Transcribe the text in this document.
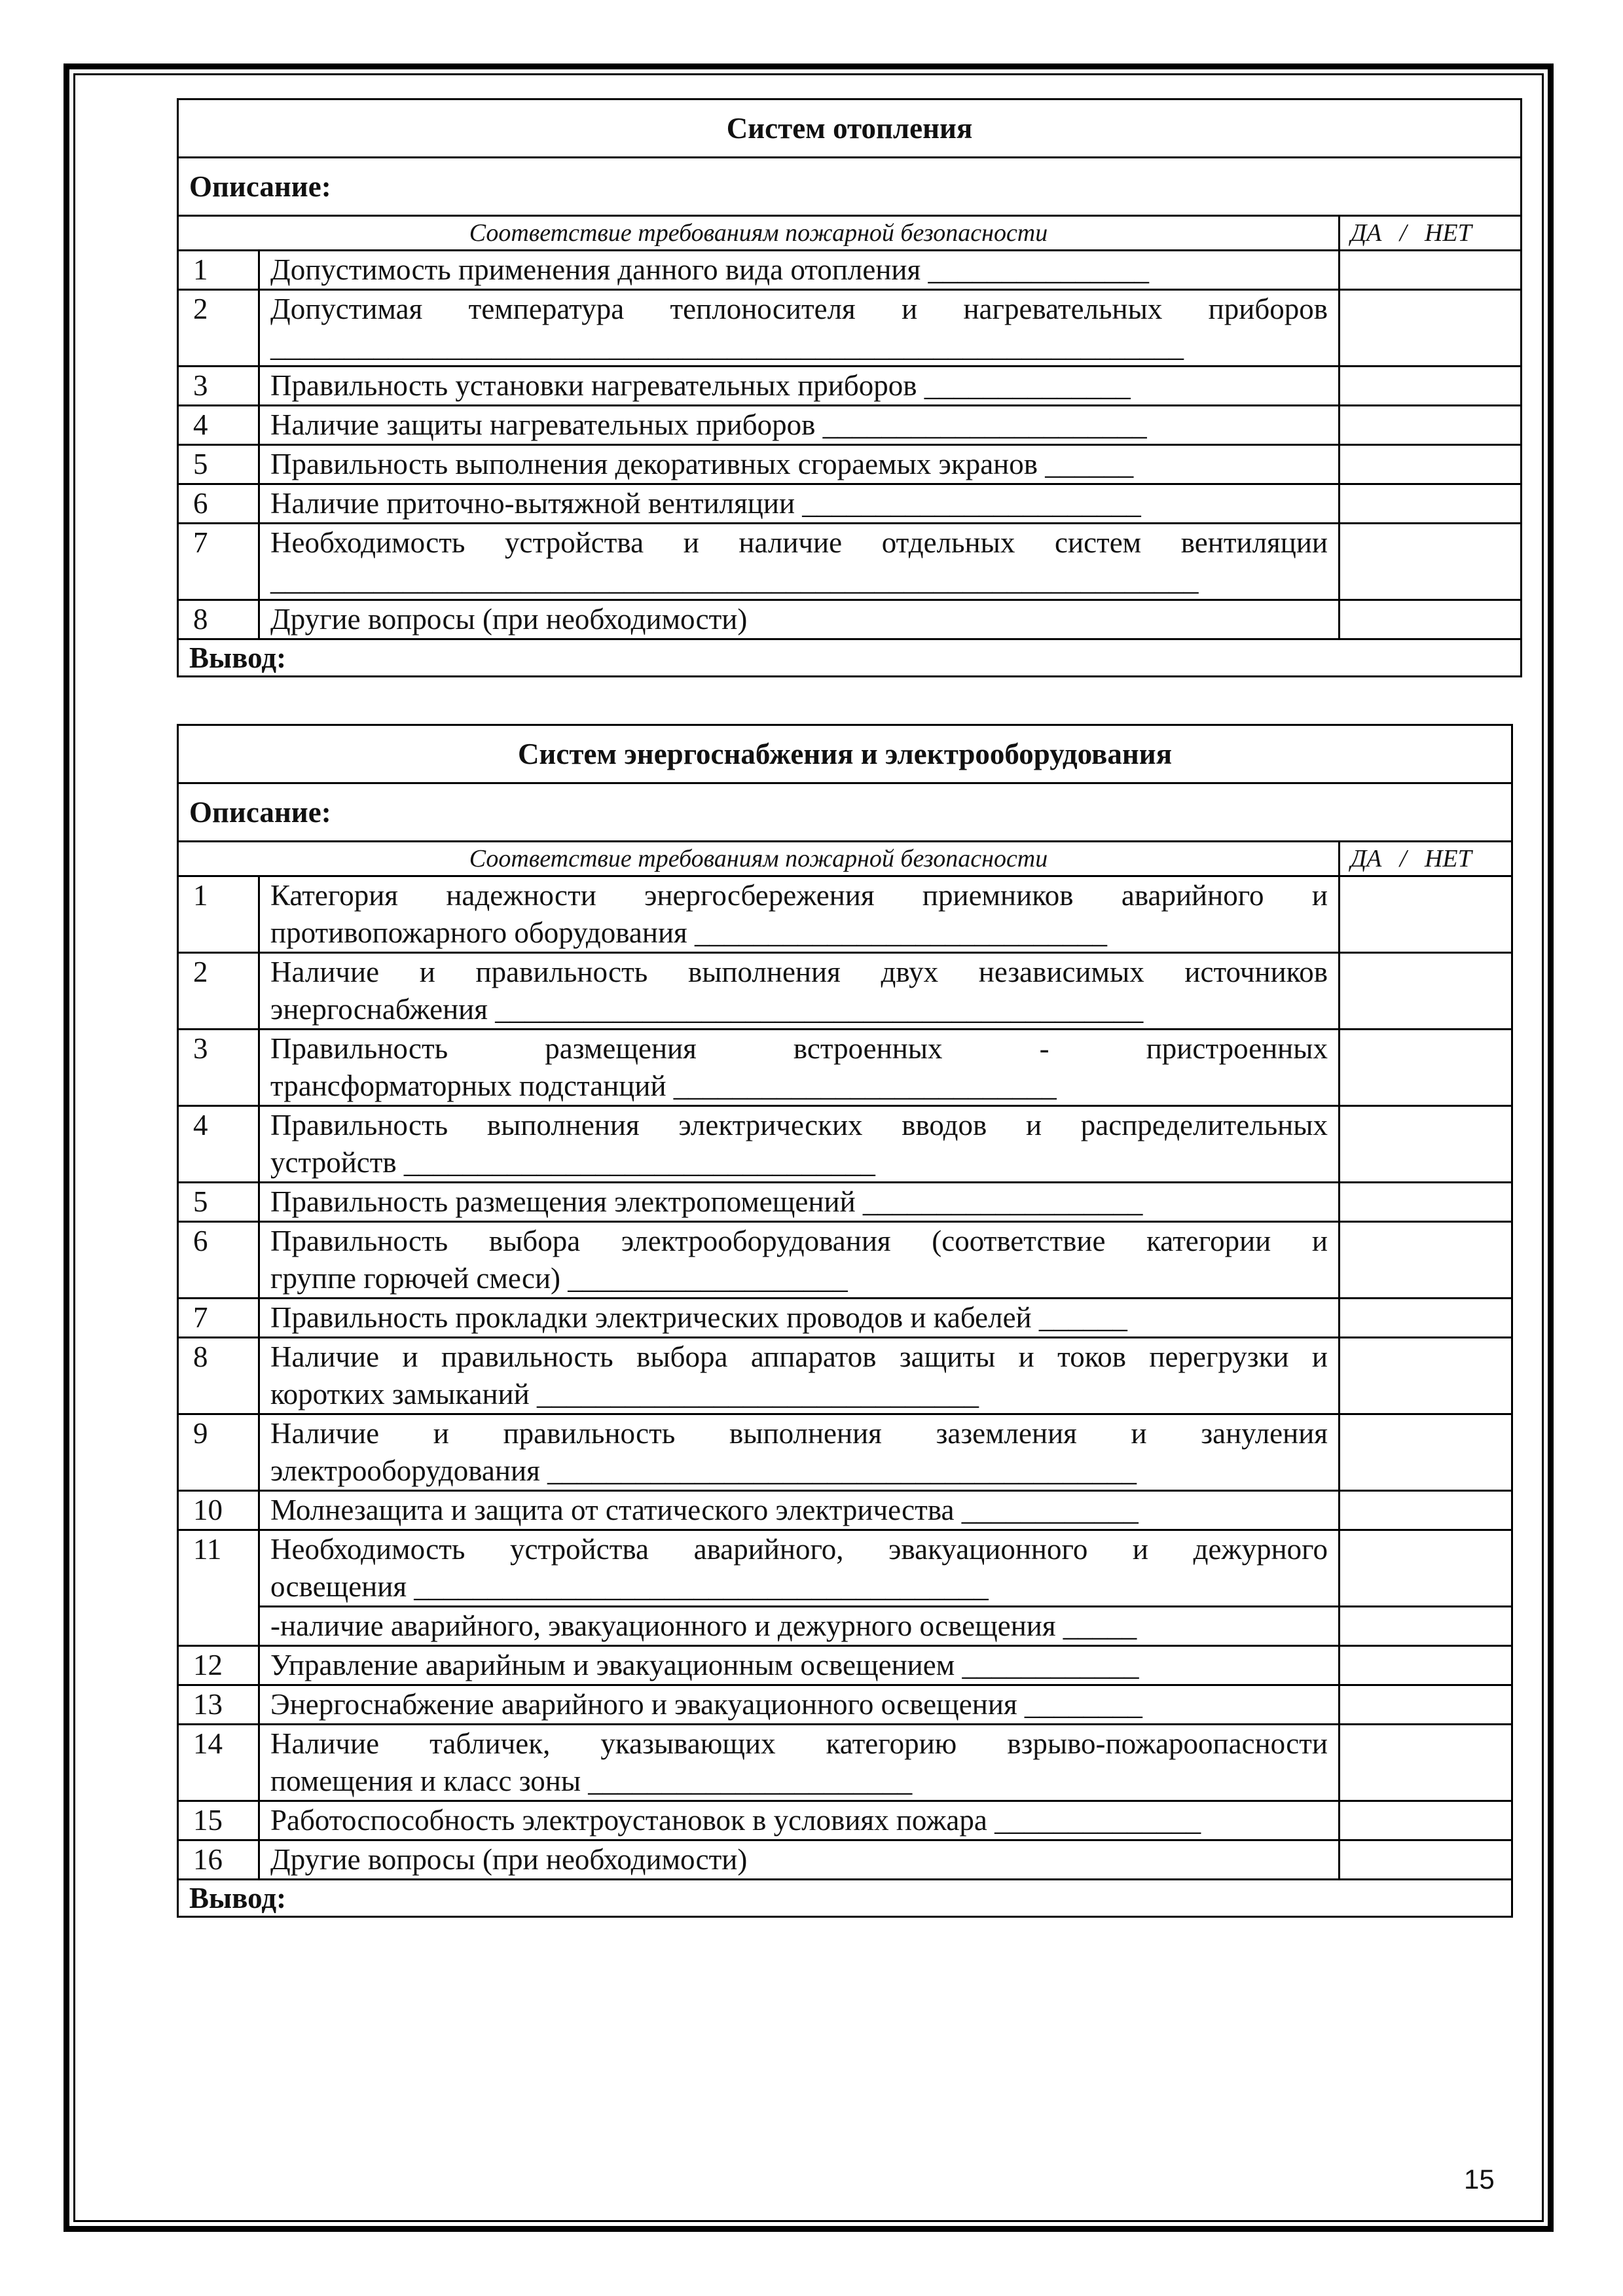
Систем отопления		
Описание:		
Соответствие требованиям пожарной безопасности		ДА / НЕТ
1	Допустимость применения данного вида отопления _______________	
2	Допустимая температура теплоносителя и нагревательных приборов
______________________________________________________________	

3	Правильность установки нагревательных приборов ______________	
4	Наличие защиты нагревательных приборов ______________________	
5	Правильность выполнения декоративных сгораемых экранов ______	
6	Наличие приточно-вытяжной вентиляции _______________________	
7	Необходимость устройства и наличие отдельных систем вентиляции
_______________________________________________________________	

8	Другие вопросы (при необходимости)	
Вывод:		
Систем энергоснабжения и электрооборудования		
Описание:		
Соответствие требованиям пожарной безопасности		ДА / НЕТ
1	Категория надежности энергосбережения приемников аварийного и
противопожарного оборудования ____________________________	

2	Наличие и правильность выполнения двух независимых источников
энергоснабжения ____________________________________________	

3	Правильность размещения встроенных - пристроенных
трансформаторных подстанций __________________________	

4	Правильность выполнения электрических вводов и распределительных
устройств ________________________________	

5	Правильность размещения электропомещений ___________________	
6	Правильность выбора электрооборудования (соответствие категории и
группе горючей смеси) ___________________	

7	Правильность прокладки электрических проводов и кабелей ______	
8	Наличие и правильность выбора аппаратов защиты и токов перегрузки и
коротких замыканий ______________________________	

9	Наличие и правильность выполнения заземления и зануления
электрооборудования ________________________________________	

10	Молнезащита и защита от статического электричества ____________	
11	Необходимость устройства аварийного, эвакуационного и дежурного
освещения _______________________________________	

	-наличие аварийного, эвакуационного и дежурного освещения _____	
12	Управление аварийным и эвакуационным освещением ____________	
13	Энергоснабжение аварийного и эвакуационного освещения ________	
14	Наличие табличек, указывающих категорию взрыво-пожароопасности
помещения и класс зоны ______________________	

15	Работоспособность электроустановок в условиях пожара ______________	
16	Другие вопросы (при необходимости)	
Вывод:		
15
